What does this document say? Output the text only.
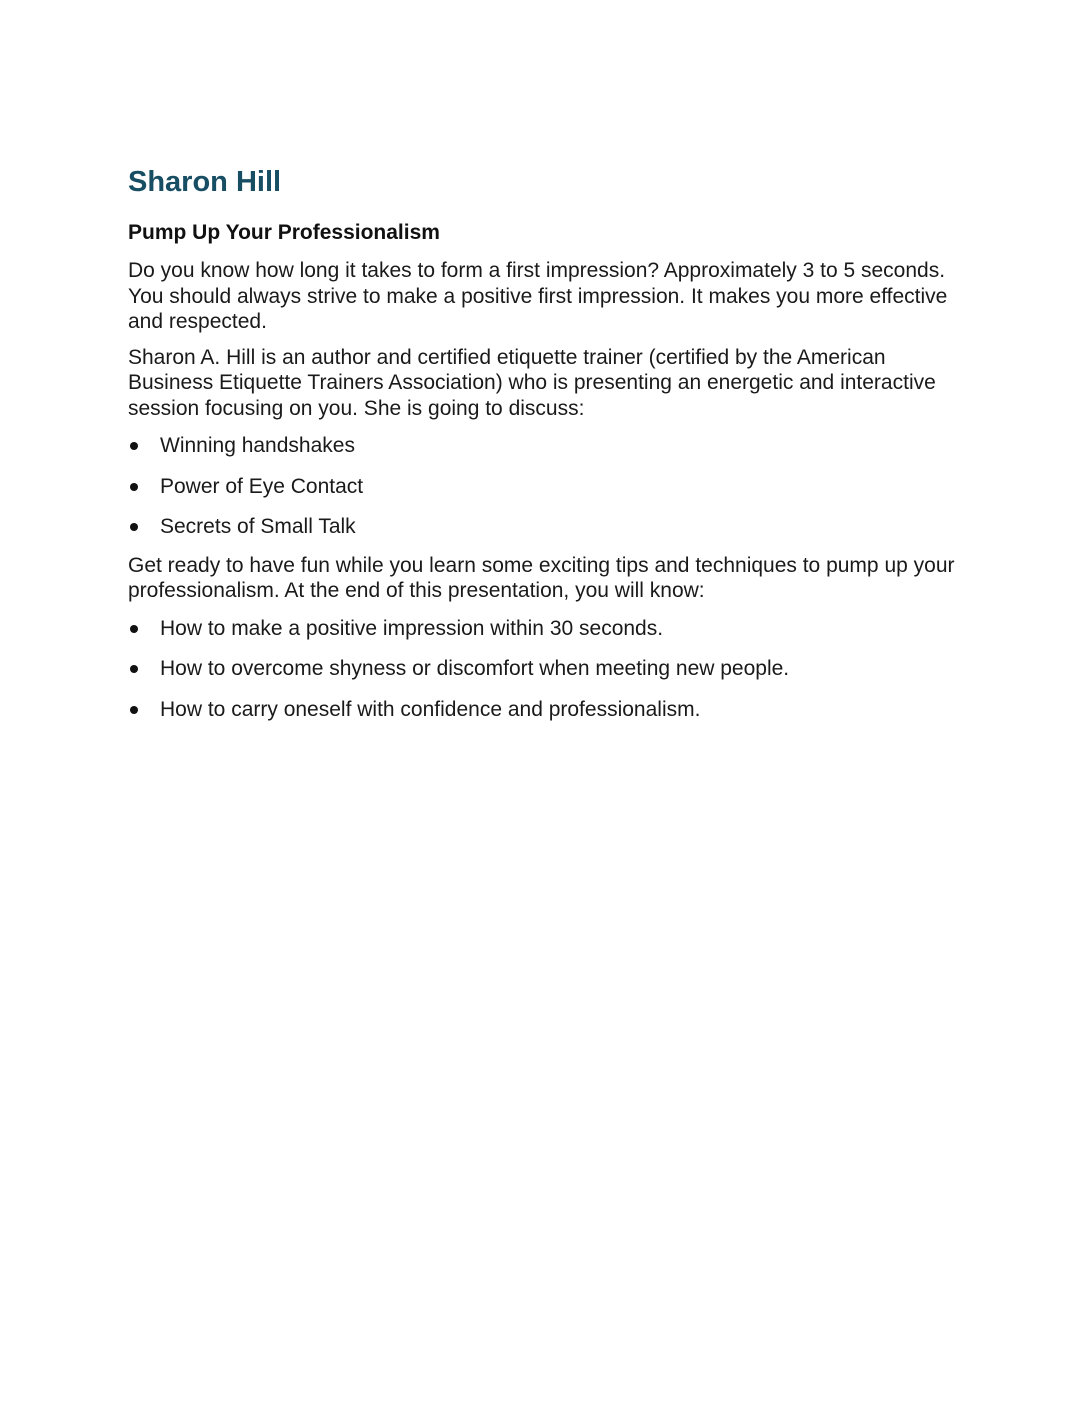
Sharon Hill
Pump Up Your Professionalism

Do you know how long it takes to form a first impression? Approximately 3 to 5 seconds. You should always strive to make a positive first impression. It makes you more effective and respected.

Sharon A. Hill is an author and certified etiquette trainer (certified by the American Business Etiquette Trainers Association) who is presenting an energetic and interactive session focusing on you. She is going to discuss:

Winning handshakes
Power of Eye Contact
Secrets of Small Talk

Get ready to have fun while you learn some exciting tips and techniques to pump up your professionalism. At the end of this presentation, you will know:

How to make a positive impression within 30 seconds.
How to overcome shyness or discomfort when meeting new people.
How to carry oneself with confidence and professionalism.
